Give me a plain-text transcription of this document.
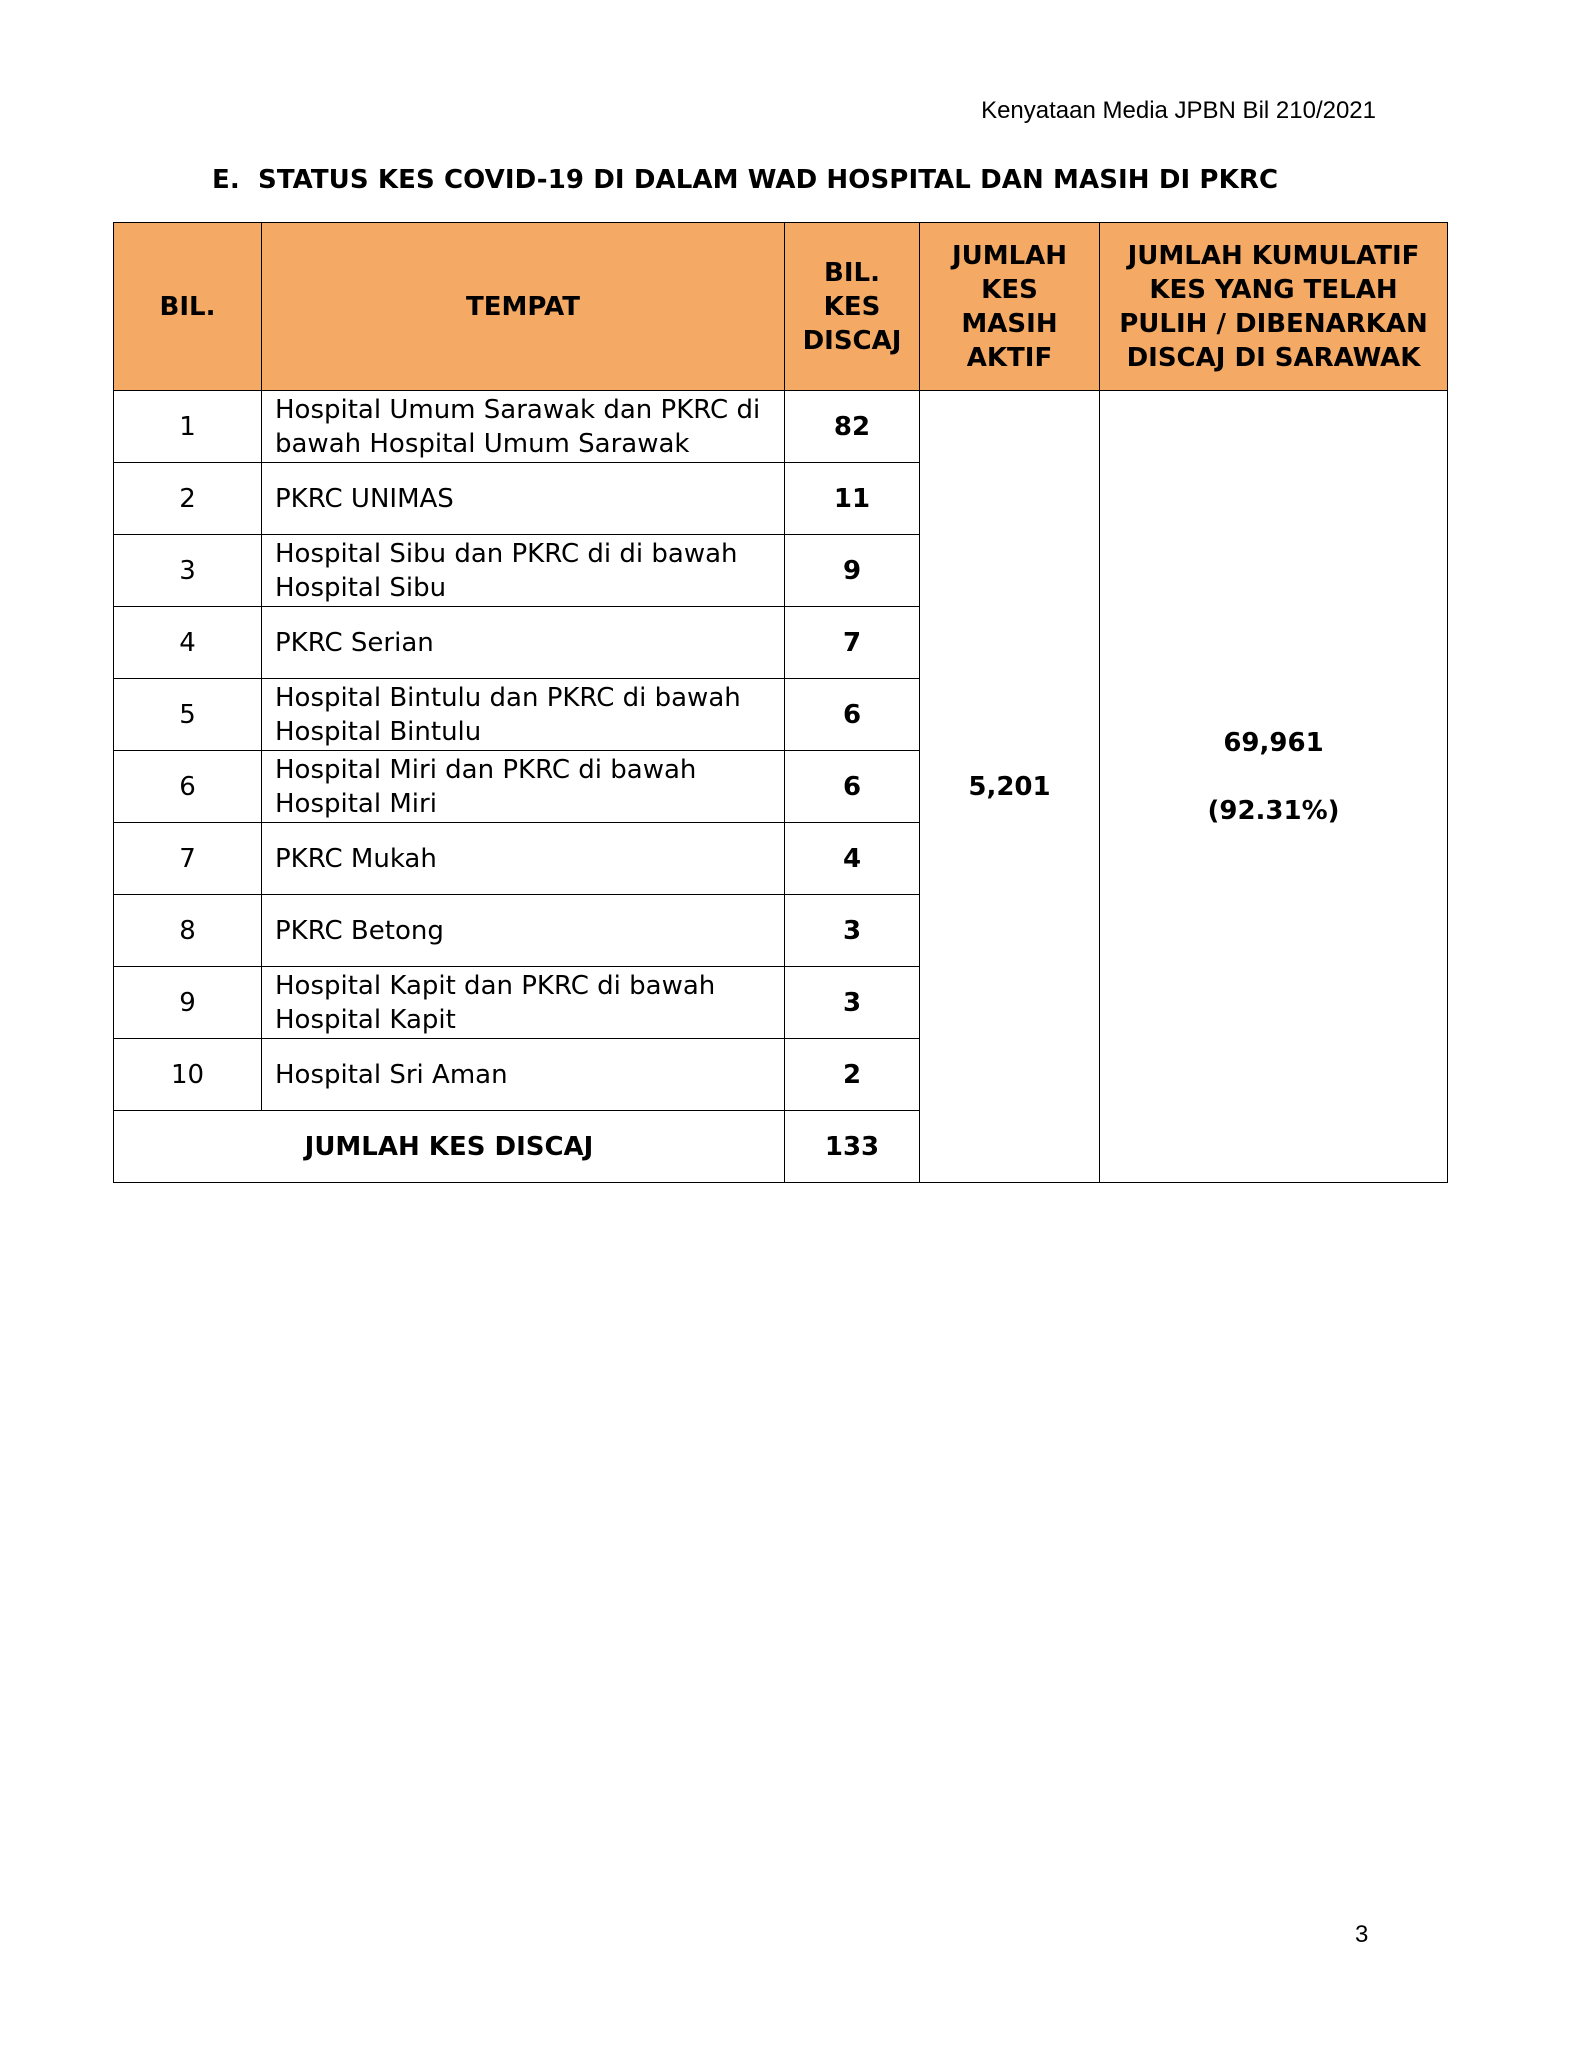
Kenyataan Media JPBN Bil 210/2021
E. STATUS KES COVID-19 DI DALAM WAD HOSPITAL DAN MASIH DI PKRC
BIL.	TEMPAT	BIL. KES DISCAJ	JUMLAH KES MASIH AKTIF	JUMLAH KUMULATIF KES YANG TELAH PULIH / DIBENARKAN DISCAJ DI SARAWAK
1	Hospital Umum Sarawak dan PKRC di bawah Hospital Umum Sarawak	82	5,201	69,961
(92.31%)

2	PKRC UNIMAS	11		
3	Hospital Sibu dan PKRC di di bawah Hospital Sibu	9		
4	PKRC Serian	7		
5	Hospital Bintulu dan PKRC di bawah Hospital Bintulu	6		
6	Hospital Miri dan PKRC di bawah Hospital Miri	6		
7	PKRC Mukah	4		
8	PKRC Betong	3		
9	Hospital Kapit dan PKRC di bawah Hospital Kapit	3		
10	Hospital Sri Aman	2		
JUMLAH KES DISCAJ		133		
3
